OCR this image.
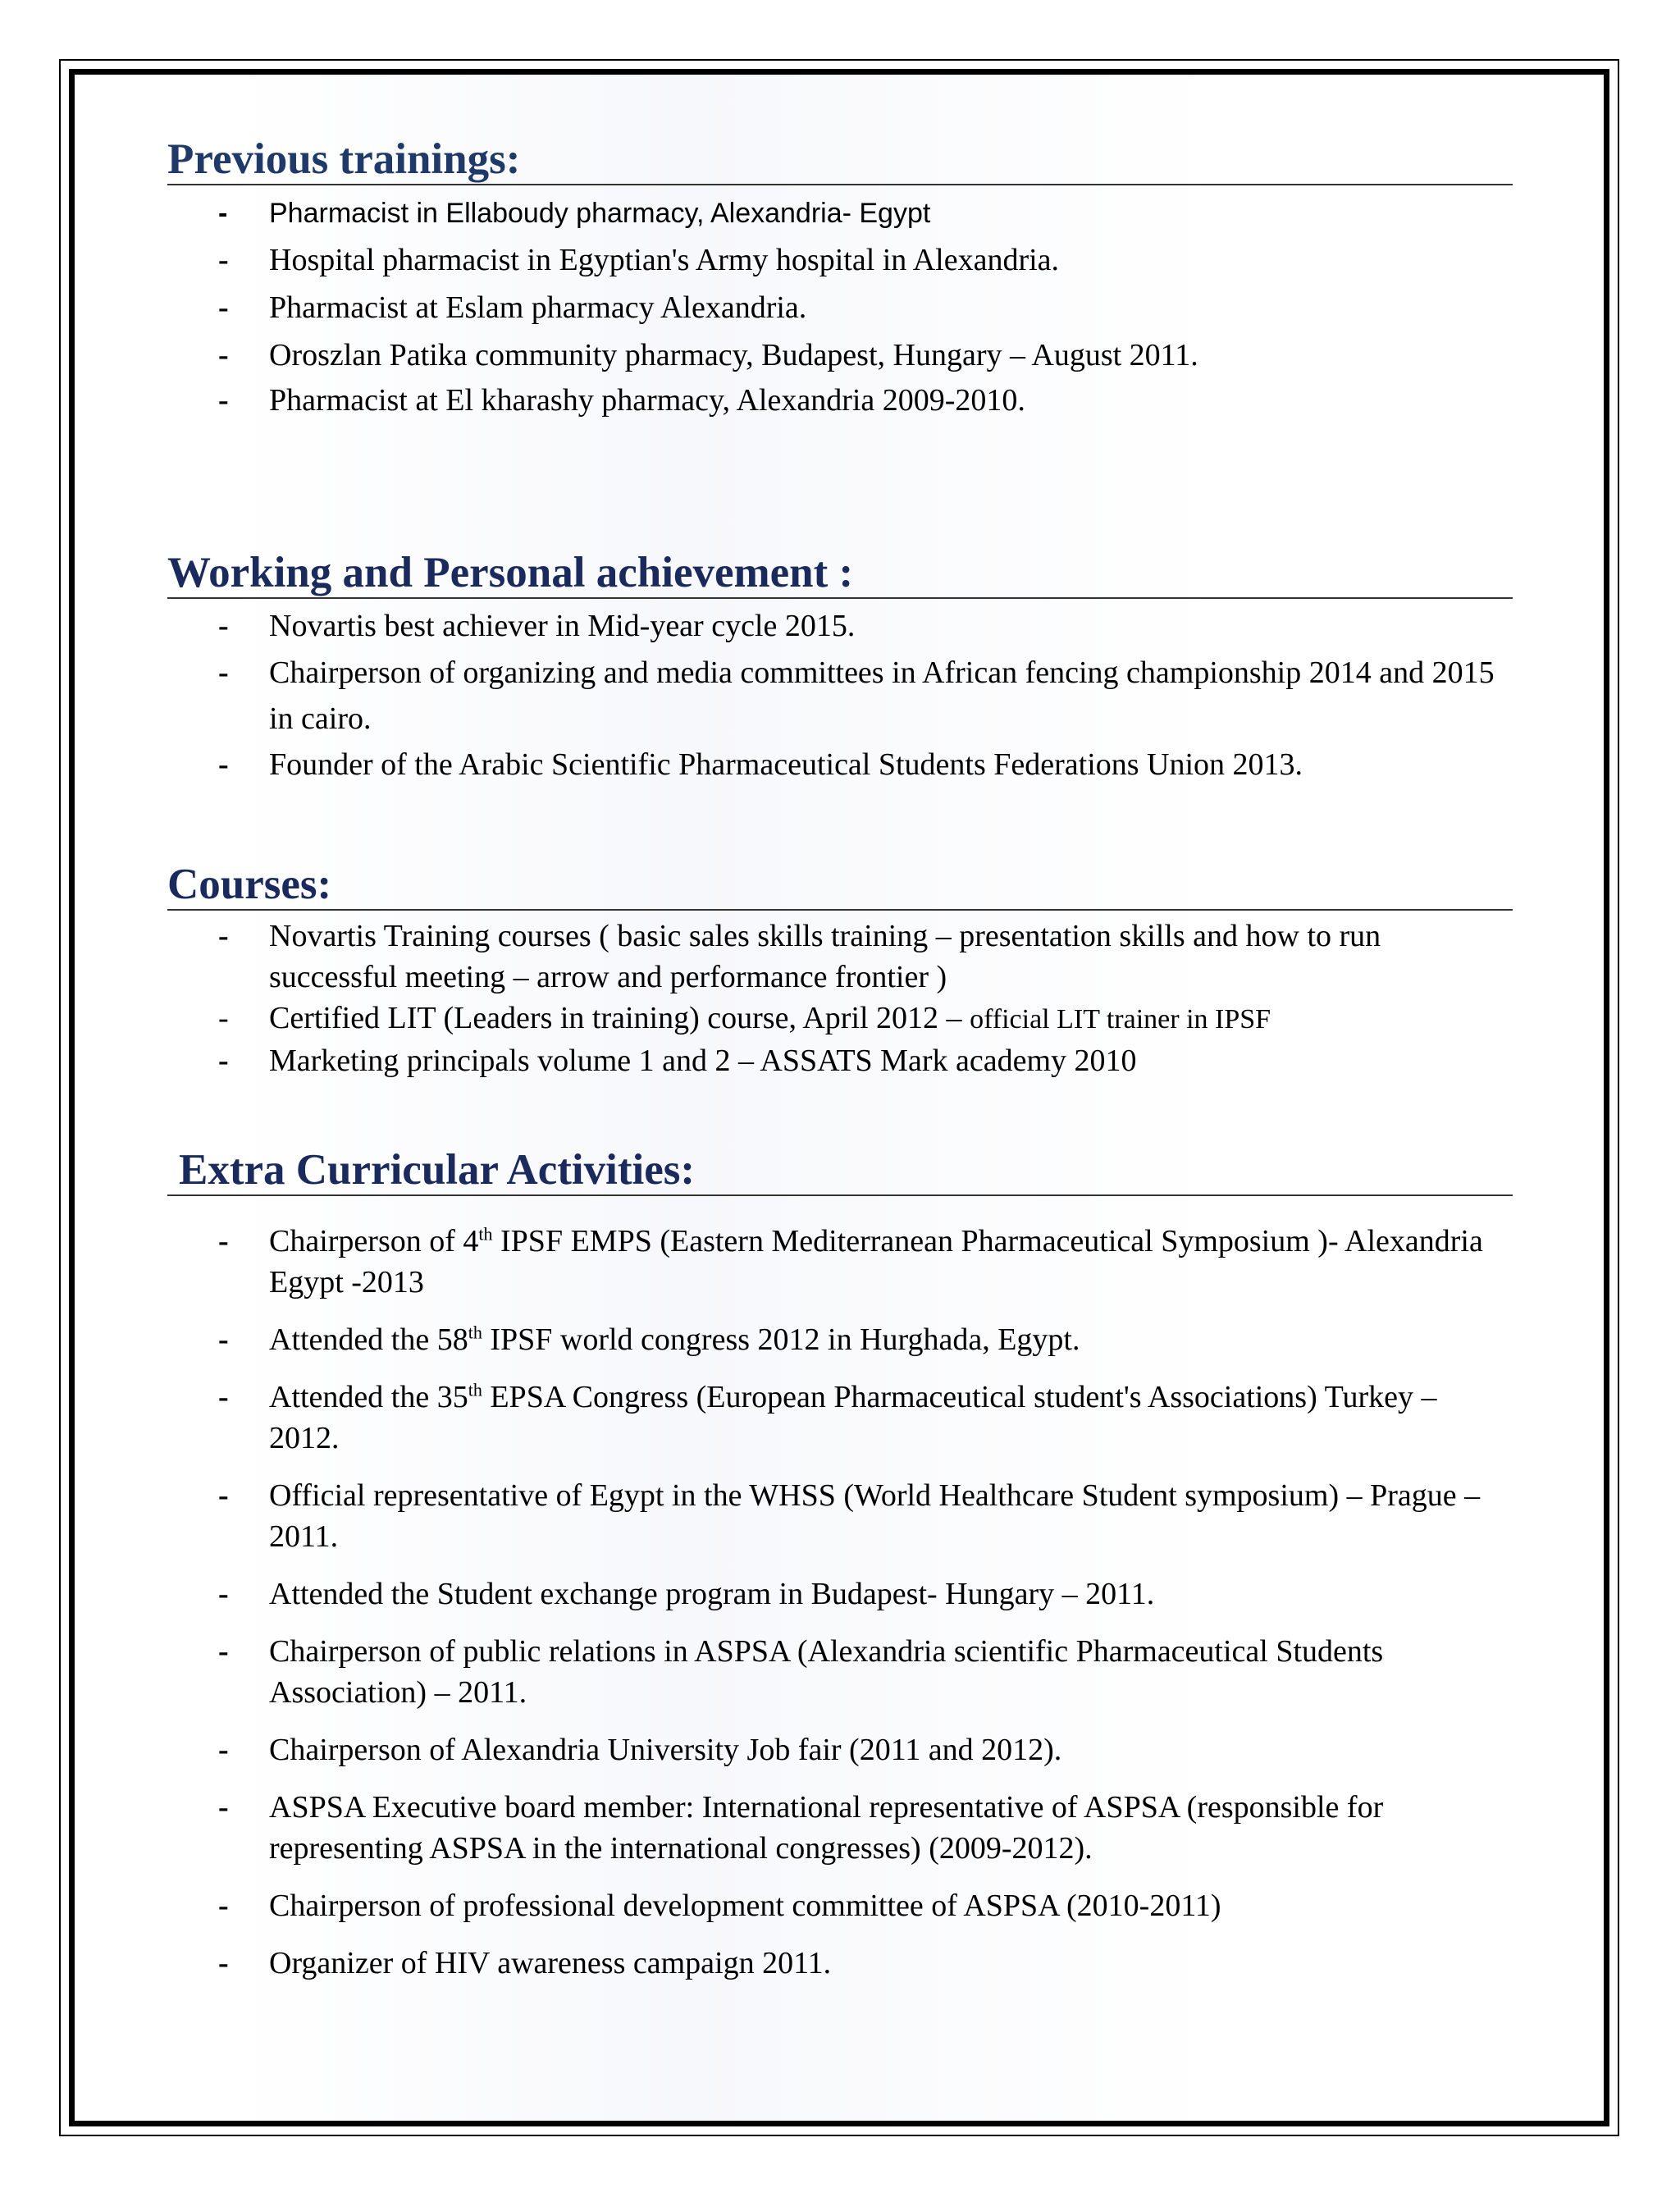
Previous trainings:
- Pharmacist in Ellaboudy pharmacy, Alexandria- Egypt
- Hospital pharmacist in Egyptian's Army hospital in Alexandria.
- Pharmacist at Eslam pharmacy Alexandria.
- Oroszlan Patika community pharmacy, Budapest, Hungary – August 2011.
- Pharmacist at El kharashy pharmacy, Alexandria 2009-2010.
Working and Personal achievement :
- Novartis best achiever in Mid-year cycle 2015.
- Chairperson of organizing and media committees in African fencing championship 2014 and 2015 in cairo.
- Founder of the Arabic Scientific Pharmaceutical Students Federations Union 2013.
Courses:
- Novartis Training courses ( basic sales skills training – presentation skills and how to run successful meeting – arrow and performance frontier )
- Certified LIT (Leaders in training) course, April 2012 – official LIT trainer in IPSF
- Marketing principals volume 1 and 2 – ASSATS Mark academy 2010
Extra Curricular Activities:
- Chairperson of 4th IPSF EMPS (Eastern Mediterranean Pharmaceutical Symposium )- Alexandria Egypt -2013
- Attended the 58th IPSF world congress 2012 in Hurghada, Egypt.
- Attended the 35th EPSA Congress (European Pharmaceutical student's Associations) Turkey – 2012.
- Official representative of Egypt in the WHSS (World Healthcare Student symposium) – Prague – 2011.
- Attended the Student exchange program in Budapest- Hungary – 2011.
- Chairperson of public relations in ASPSA (Alexandria scientific Pharmaceutical Students Association) – 2011.
- Chairperson of Alexandria University Job fair (2011 and 2012).
- ASPSA Executive board member: International representative of ASPSA (responsible for representing ASPSA in the international congresses) (2009-2012).
- Chairperson of professional development committee of ASPSA (2010-2011)
- Organizer of HIV awareness campaign 2011.
